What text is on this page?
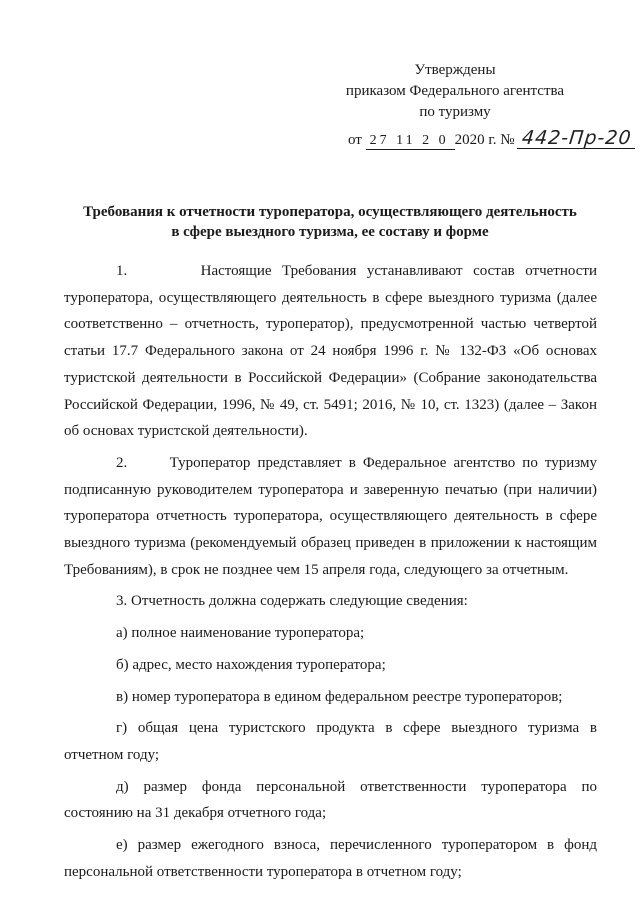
Утверждены
приказом Федерального агентства
по туризму
от 27 11 2 0 2020 г. № 442-Пр-20
Требования к отчетности туроператора, осуществляющего деятельность
в сфере выездного туризма, ее составу и форме

1.       Настоящие Требования устанавливают состав отчетности туроператора, осуществляющего деятельность в сфере выездного туризма (далее соответственно – отчетность, туроператор), предусмотренной частью четвертой статьи 17.7 Федерального закона от 24 ноября 1996 г. № 132-ФЗ «Об основах туристской деятельности в Российской Федерации» (Собрание законодательства Российской Федерации, 1996, № 49, ст. 5491; 2016, № 10, ст. 1323) (далее – Закон об основах туристской деятельности).

2.      Туроператор представляет в Федеральное агентство по туризму подписанную руководителем туроператора и заверенную печатью (при наличии) туроператора отчетность туроператора, осуществляющего деятельность в сфере выездного туризма (рекомендуемый образец приведен в приложении к настоящим Требованиям), в срок не позднее чем 15 апреля года, следующего за отчетным.

3. Отчетность должна содержать следующие сведения:

а) полное наименование туроператора;

б) адрес, место нахождения туроператора;

в) номер туроператора в едином федеральном реестре туроператоров;

г) общая цена туристского продукта в сфере выездного туризма в отчетном году;

д) размер фонда персональной ответственности туроператора по состоянию на 31 декабря отчетного года;

е) размер ежегодного взноса, перечисленного туроператором в фонд персональной ответственности туроператора в отчетном году;
